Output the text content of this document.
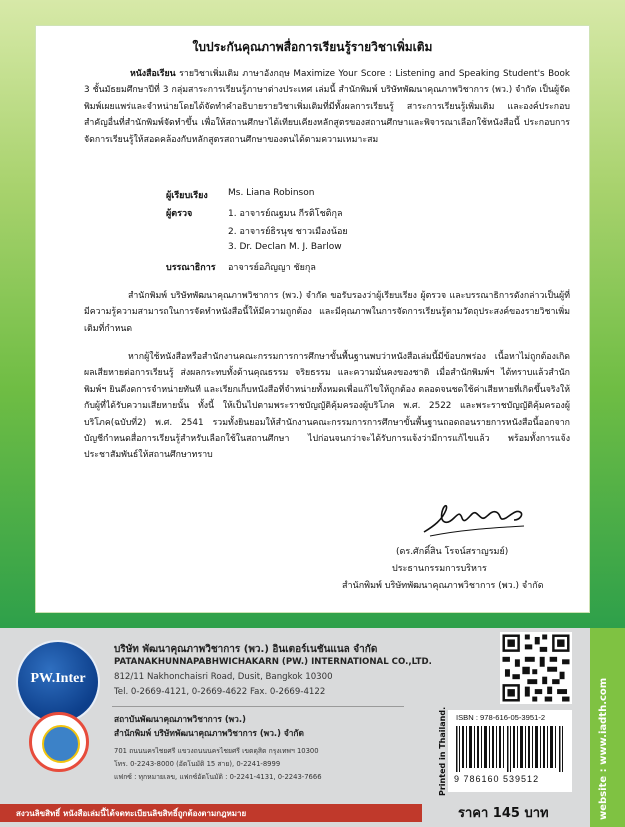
ใบประกันคุณภาพสื่อการเรียนรู้รายวิชาเพิ่มเติม
หนังสือเรียน รายวิชาเพิ่มเติม ภาษาอังกฤษ Maximize Your Score : Listening and Speaking Student's Book 3 ชั้นมัธยมศึกษาปีที่ 3 กลุ่มสาระการเรียนรู้ภาษาต่างประเทศ เล่มนี้ สำนักพิมพ์ บริษัทพัฒนาคุณภาพวิชาการ (พว.) จำกัด เป็นผู้จัดพิมพ์เผยแพร่และจำหน่ายโดยได้จัดทำคำอธิบายรายวิชาเพิ่มเติมที่มีทั้งผลการเรียนรู้ สาระการเรียนรู้เพิ่มเติม และองค์ประกอบสำคัญอื่นที่สำนักพิมพ์จัดทำขึ้น เพื่อให้สถานศึกษาได้เทียบเคียงหลักสูตรของสถานศึกษาและพิจารณาเลือกใช้หนังสือนี้ ประกอบการจัดการเรียนรู้ให้สอดคล้องกับหลักสูตรสถานศึกษาของตนได้ตามความเหมาะสม
ผู้เรียบเรียง Ms. Liana Robinson
ผู้ตรวจ	1. อาจารย์ณฐมน กีรติโชติกุล
2. อาจารย์ธิรนุช ชาวเมืองน้อย
3. Dr. Declan M. J. Barlow
บรรณาธิการ อาจารย์อภิญญา ชัยกุล
สำนักพิมพ์ บริษัทพัฒนาคุณภาพวิชาการ (พว.) จำกัด ขอรับรองว่าผู้เรียบเรียง ผู้ตรวจ และบรรณาธิการดังกล่าวเป็นผู้ที่มีความรู้ความสามารถในการจัดทำหนังสือนี้ให้มีความถูกต้อง และมีคุณภาพในการจัดการเรียนรู้ตามวัตถุประสงค์ของรายวิชาเพิ่มเติมที่กำหนด
หากผู้ใช้หนังสือหรือสำนักงานคณะกรรมการการศึกษาขั้นพื้นฐานพบว่าหนังสือเล่มนี้มีข้อบกพร่อง เนื้อหาไม่ถูกต้องเกิดผลเสียหายต่อการเรียนรู้ ส่งผลกระทบทั้งด้านคุณธรรม จริยธรรม และความมั่นคงของชาติ เมื่อสำนักพิมพ์ฯ ได้ทราบแล้วสำนักพิมพ์ฯ ยินดีงดการจำหน่ายทันที และเรียกเก็บหนังสือที่จำหน่ายทั้งหมดเพื่อแก้ไขให้ถูกต้อง ตลอดจนชดใช้ค่าเสียหายที่เกิดขึ้นจริงให้กับผู้ที่ได้รับความเสียหายนั้น ทั้งนี้ ให้เป็นไปตามพระราชบัญญัติคุ้มครองผู้บริโภค พ.ศ. 2522 และพระราชบัญญัติคุ้มครองผู้บริโภค(ฉบับที่2) พ.ศ. 2541 รวมทั้งยินยอมให้สำนักงานคณะกรรมการการศึกษาขั้นพื้นฐานถอดถอนรายการหนังสือนี้ออกจากบัญชีกำหนดสื่อการเรียนรู้สำหรับเลือกใช้ในสถานศึกษา ไปก่อนจนกว่าจะได้รับการแจ้งว่ามีการแก้ไขแล้ว พร้อมทั้งการแจ้งประชาสัมพันธ์ให้สถานศึกษาทราบ
(ดร.ศักดิ์สิน โรจน์สราญรมย์)
ประธานกรรมการบริหาร
สำนักพิมพ์ บริษัทพัฒนาคุณภาพวิชาการ (พว.) จำกัด
PW.Inter
บริษัท พัฒนาคุณภาพวิชาการ (พว.) อินเตอร์เนชันแนล จำกัด
PATANAKHUNNAPABHWICHAKARN (PW.) INTERNATIONAL CO.,LTD.
812/11 Nakhonchaisri Road, Dusit, Bangkok 10300
Tel. 0-2669-4121, 0-2669-4622 Fax. 0-2669-4122
สถาบันพัฒนาคุณภาพวิชาการ (พว.)
สำนักพิมพ์ บริษัทพัฒนาคุณภาพวิชาการ (พว.) จำกัด
701 ถนนนครไชยศรี แขวงถนนนครไชยศรี เขตดุสิต กรุงเทพฯ 10300
โทร. 0-2243-8000 (อัตโนมัติ 15 สาย), 0-2241-8999
แฟกซ์ : ทุกหมายเลข, แฟกซ์อัตโนมัติ : 0-2241-4131, 0-2243-7666
สงวนลิขสิทธิ์ หนังสือเล่มนี้ได้จดทะเบียนลิขสิทธิ์ถูกต้องตามกฎหมาย
Printed in Thailand. ISBN : 978-616-05-3951-2
9 786160 539512
ราคา 145 บาท	website : www.iadth.com
